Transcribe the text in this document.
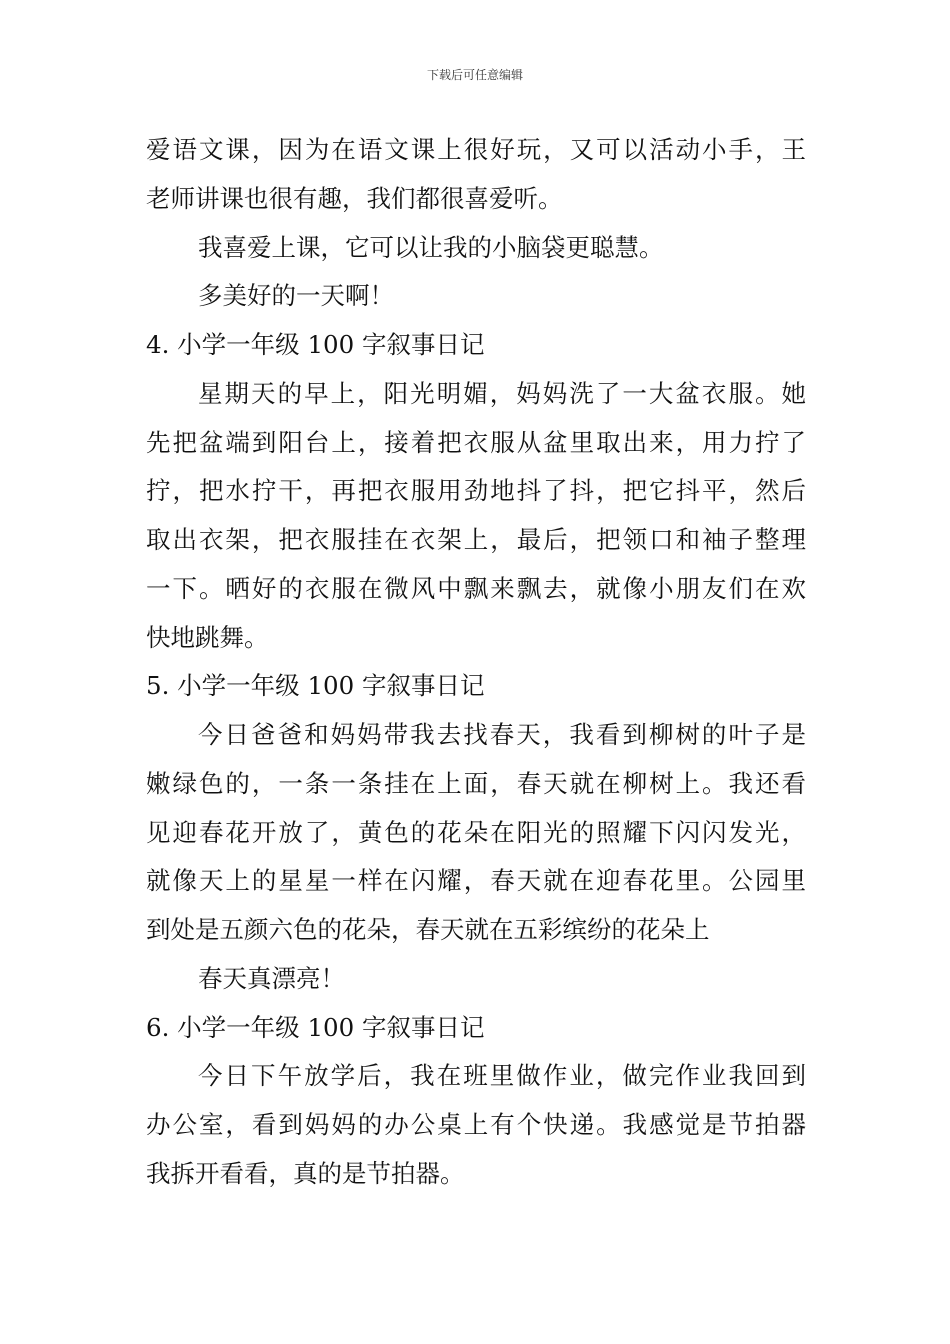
下载后可任意编辑
爱语文课，因为在语文课上很好玩，又可以活动小手，王
老师讲课也很有趣，我们都很喜爱听。
我喜爱上课，它可以让我的小脑袋更聪慧。
多美好的一天啊！
4. 小学一年级 100 字叙事日记
星期天的早上，阳光明媚，妈妈洗了一大盆衣服。她
先把盆端到阳台上，接着把衣服从盆里取出来，用力拧了
拧，把水拧干，再把衣服用劲地抖了抖，把它抖平，然后
取出衣架，把衣服挂在衣架上，最后，把领口和袖子整理
一下。晒好的衣服在微风中飘来飘去，就像小朋友们在欢
快地跳舞。
5. 小学一年级 100 字叙事日记
今日爸爸和妈妈带我去找春天，我看到柳树的叶子是
嫩绿色的，一条一条挂在上面，春天就在柳树上。我还看
见迎春花开放了，黄色的花朵在阳光的照耀下闪闪发光，
就像天上的星星一样在闪耀，春天就在迎春花里。公园里
到处是五颜六色的花朵，春天就在五彩缤纷的花朵上
春天真漂亮！
6. 小学一年级 100 字叙事日记
今日下午放学后，我在班里做作业，做完作业我回到
办公室，看到妈妈的办公桌上有个快递。我感觉是节拍器
我拆开看看，真的是节拍器。
